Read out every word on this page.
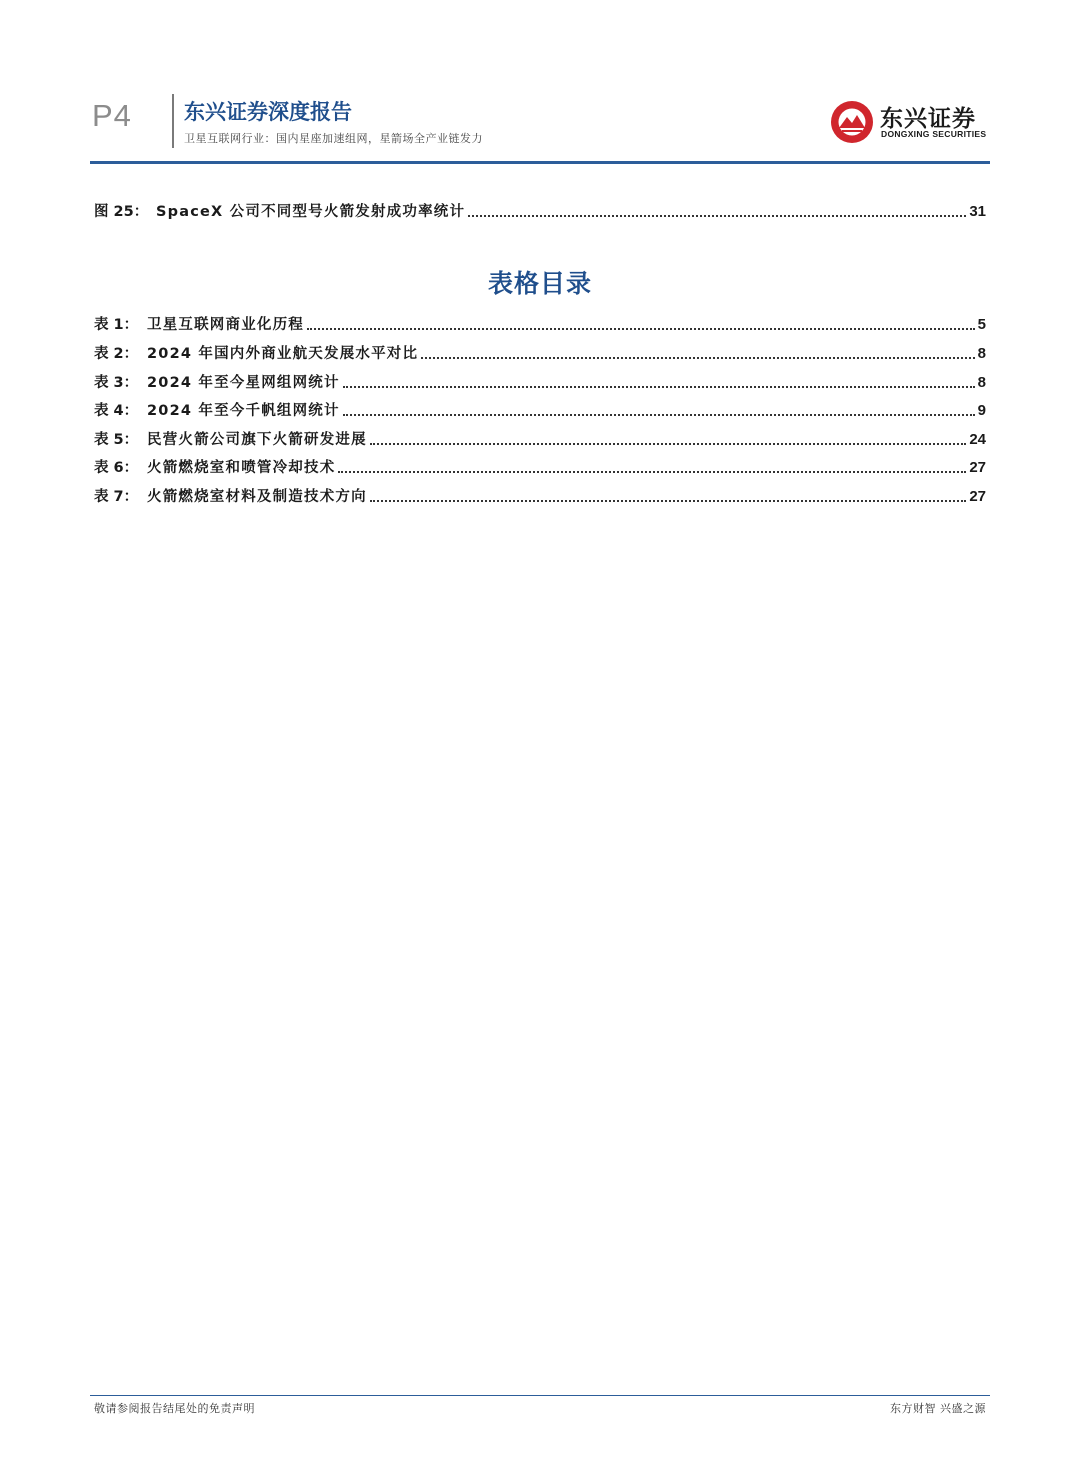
P4 东兴证券深度报告
卫星互联网行业：国内星座加速组网，星箭场全产业链发力
东兴证券
DONGXING SECURITIES
图 25： SpaceX 公司不同型号火箭发射成功率统计	31
表格目录
表 1： 卫星互联网商业化历程	5
表 2： 2024 年国内外商业航天发展水平对比	8
表 3： 2024 年至今星网组网统计	8
表 4： 2024 年至今千帆组网统计	9
表 5： 民营火箭公司旗下火箭研发进展	24
表 6： 火箭燃烧室和喷管冷却技术	27
表 7： 火箭燃烧室材料及制造技术方向	27
敬请参阅报告结尾处的免责声明	东方财智 兴盛之源
